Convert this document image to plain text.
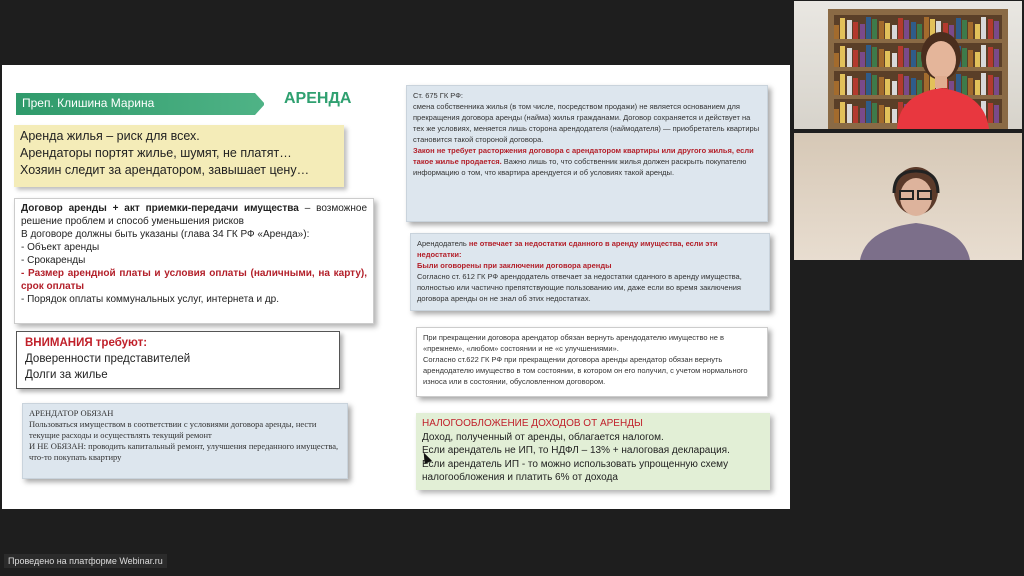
Преп. Клишина Марина	АРЕНДА
Аренда жилья – риск для всех.
Арендаторы портят жилье, шумят, не платят…
Хозяин следит за арендатором, завышает цену…
Договор аренды + акт приемки-передачи имущества – возможное решение проблем и способ уменьшения рисков
В договоре должны быть указаны (глава 34 ГК РФ «Аренда»):
- Объект аренды
- Срокаренды
- Размер арендной платы и условия оплаты (наличными, на карту), срок оплаты
- Порядок оплаты коммунальных услуг, интернета и др.
ВНИМАНИЯ требуют:
Доверенности представителей
Долги за жилье
АРЕНДАТОР ОБЯЗАН
Пользоваться имуществом в соответствии с условиями договора аренды, нести текущие расходы и осуществлять текущий ремонт
И НЕ ОБЯЗАН: проводить капитальный ремонт, улучшения переданного имущества, что-то покупать квартиру
Ст. 675 ГК РФ:
смена собственника жилья (в том числе, посредством продажи) не является основанием для прекращения договора аренды (найма) жилья гражданами. Договор сохраняется и действует на тех же условиях, меняется лишь сторона арендодателя (наймодателя) — приобретатель квартиры становится такой стороной договора.
Закон не требует расторжения договора с арендатором квартиры или другого жилья, если такое жилье продается. Важно лишь то, что собственник жилья должен раскрыть покупателю информацию о том, что квартира арендуется и об условиях такой аренды.
Арендодатель не отвечает за недостатки сданного в аренду имущества, если эти недостатки:
Были оговорены при заключении договора аренды
Согласно ст. 612 ГК РФ арендодатель отвечает за недостатки сданного в аренду имущества, полностью или частично препятствующие пользованию им, даже если во время заключения договора аренды он не знал об этих недостатках.
При прекращении договора арендатор обязан вернуть арендодателю имущество не в «прежнем», «любом» состоянии и не «с улучшениями».
Согласно ст.622 ГК РФ при прекращении договора аренды арендатор обязан вернуть арендодателю имущество в том состоянии, в котором он его получил, с учетом нормального износа или в состоянии, обусловленном договором.
НАЛОГООБЛОЖЕНИЕ ДОХОДОВ ОТ АРЕНДЫ
Доход, полученный от аренды, облагается налогом.
Если арендатель не ИП, то НДФЛ – 13% + налоговая декларация.
Если арендатель ИП - то можно использовать упрощенную схему налогообложения и платить 6% от дохода
Проведено на платформе Webinar.ru
